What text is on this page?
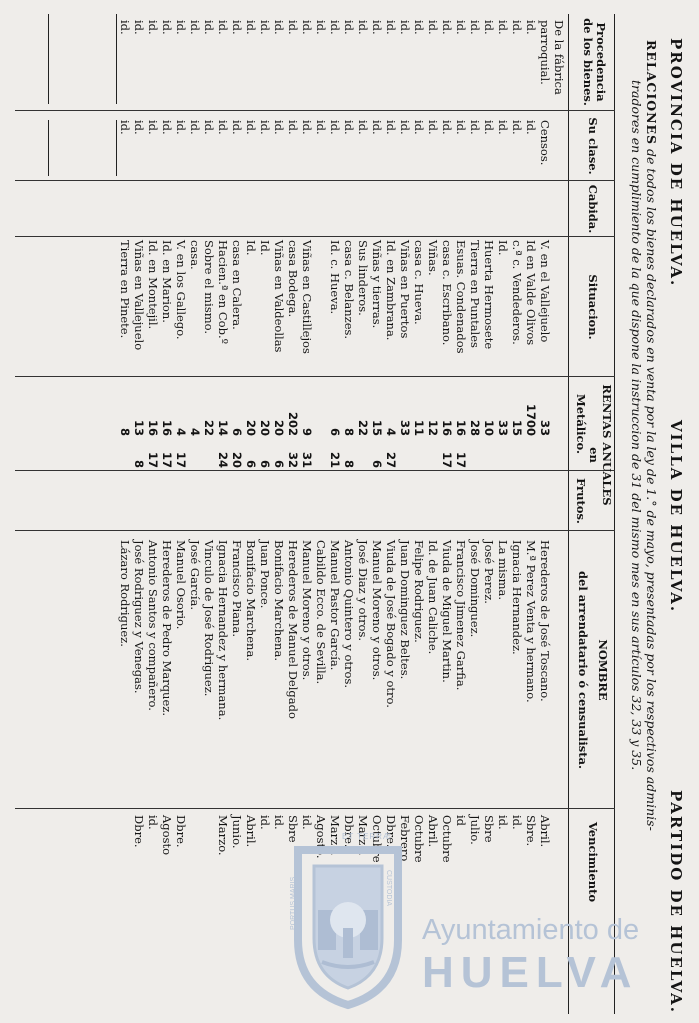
PROVINCIA DE HUELVA.
VILLA DE HUELVA.
PARTIDO DE HUELVA.
RELACIONES de todos los bienes declarados en venta por la ley de 1.° de mayo, presentadas por los respectivos adminis-
tradores en cumplimiento de la que dispone la instruccion de 31 del mismo mes en sus artículos 32, 33 y 35.
Procedencia de los bienes.
Su clase.
Cabida.
Situacion.
RENTAS ANUALES
en
Metálico.
Frutos.
NOMBRE
del arrendatario ó censualista.
Vencimiento
De la fábrica
parroquial.
Censos.
V. en el Vallejuelo
33
Herederos de José Toscano.
Abril.
id.
id.
Id en Valde Olivos
1700
M.ª Perez Venta y hermano.
Sbre.
id.
id.
c.ª c. Vendederos.
15
Ignacia Hernandez.
id.
id.
id.
Id.
33
La misma.
id.
id.
id.
Huerta Hermosete
10
José Perez.
Sbre
id.
id.
Tierra en Puntales
28
José Dominguez.
Julio.
id.
id.
Esuas. Condenados
16
17
Francisco Jimenez Garfia.
id
id.
id.
casa c. Escribano.
16
17
Viuda de Miguel Martin.
Octubre
id.
id.
Viñas.
12
Id. de Juan Caliche.
Abril.
id.
id.
casa c. Hueva.
11
Felipe Rodriguez.
Octubre
id.
id.
Viñas en Puertos
33
Juan Dominguez Beltes.
Febrero
id.
id.
Id. en Zambrana.
4
27
Viuda de José Bogado y otro.
Dbre.
id.
id.
Viñas y tierras.
15
6
Manuel Moreno y otros.
Octubre
id.
id.
Sus linderos.
22
José Diaz y otros.
Marzo.
id.
id.
casa c. Belanzes.
8
8
Antonio Quintero y otros.
Dbre.
id.
id.
Id. c. Hueva.
6
21
Manuel Pastor García.
Marzo.
id.
id.
Cabildo Ecco. de Sevilla.
Agosto.
id.
id.
Viñas en Castillejos
9
31
Manuel Moreno y otros.
id.
id.
id.
casa Bodega.
202
32
Herederos de Manuel Delgado
Sbre
id.
id.
Viñas en Valdeollas
20
6
Bonifacio Marchena.
id.
id.
id.
Id.
20
6
Juan Ponce.
id.
id.
id.
Id.
20
6
Bonifacio Marchena.
Abril.
id.
id.
casa en Calera.
6
20
Francisco Piana.
Junio.
id.
id.
Hacien.ª en Cob.º
14
24
Ignacia Hernandez y hermana.
Marzo.
id.
id.
Sobre el mismo.
22
Vinculo de José Rodriguez.
id.
id.
casa.
4
José García.
id.
id.
V. en los Gallego.
4
17
Manuel Osorio.
Dbre.
id.
id.
Id. en Marion.
16
17
Herederos de Pedro Marquez.
Agosto
id.
id.
Id. en Montejil.
16
17
Antonio Santos y compañero.
id.
id.
id.
Viñas en Vallejuelo
13
8
José Rodriguez y Venegas.
Dbre.
id.
id.
Tierra en Pinete.
8
Lázaro Rodriguez.
ET TERRÆ
PORTUS MARIS	CUSTODIA
Ayuntamiento de
HUELVA
